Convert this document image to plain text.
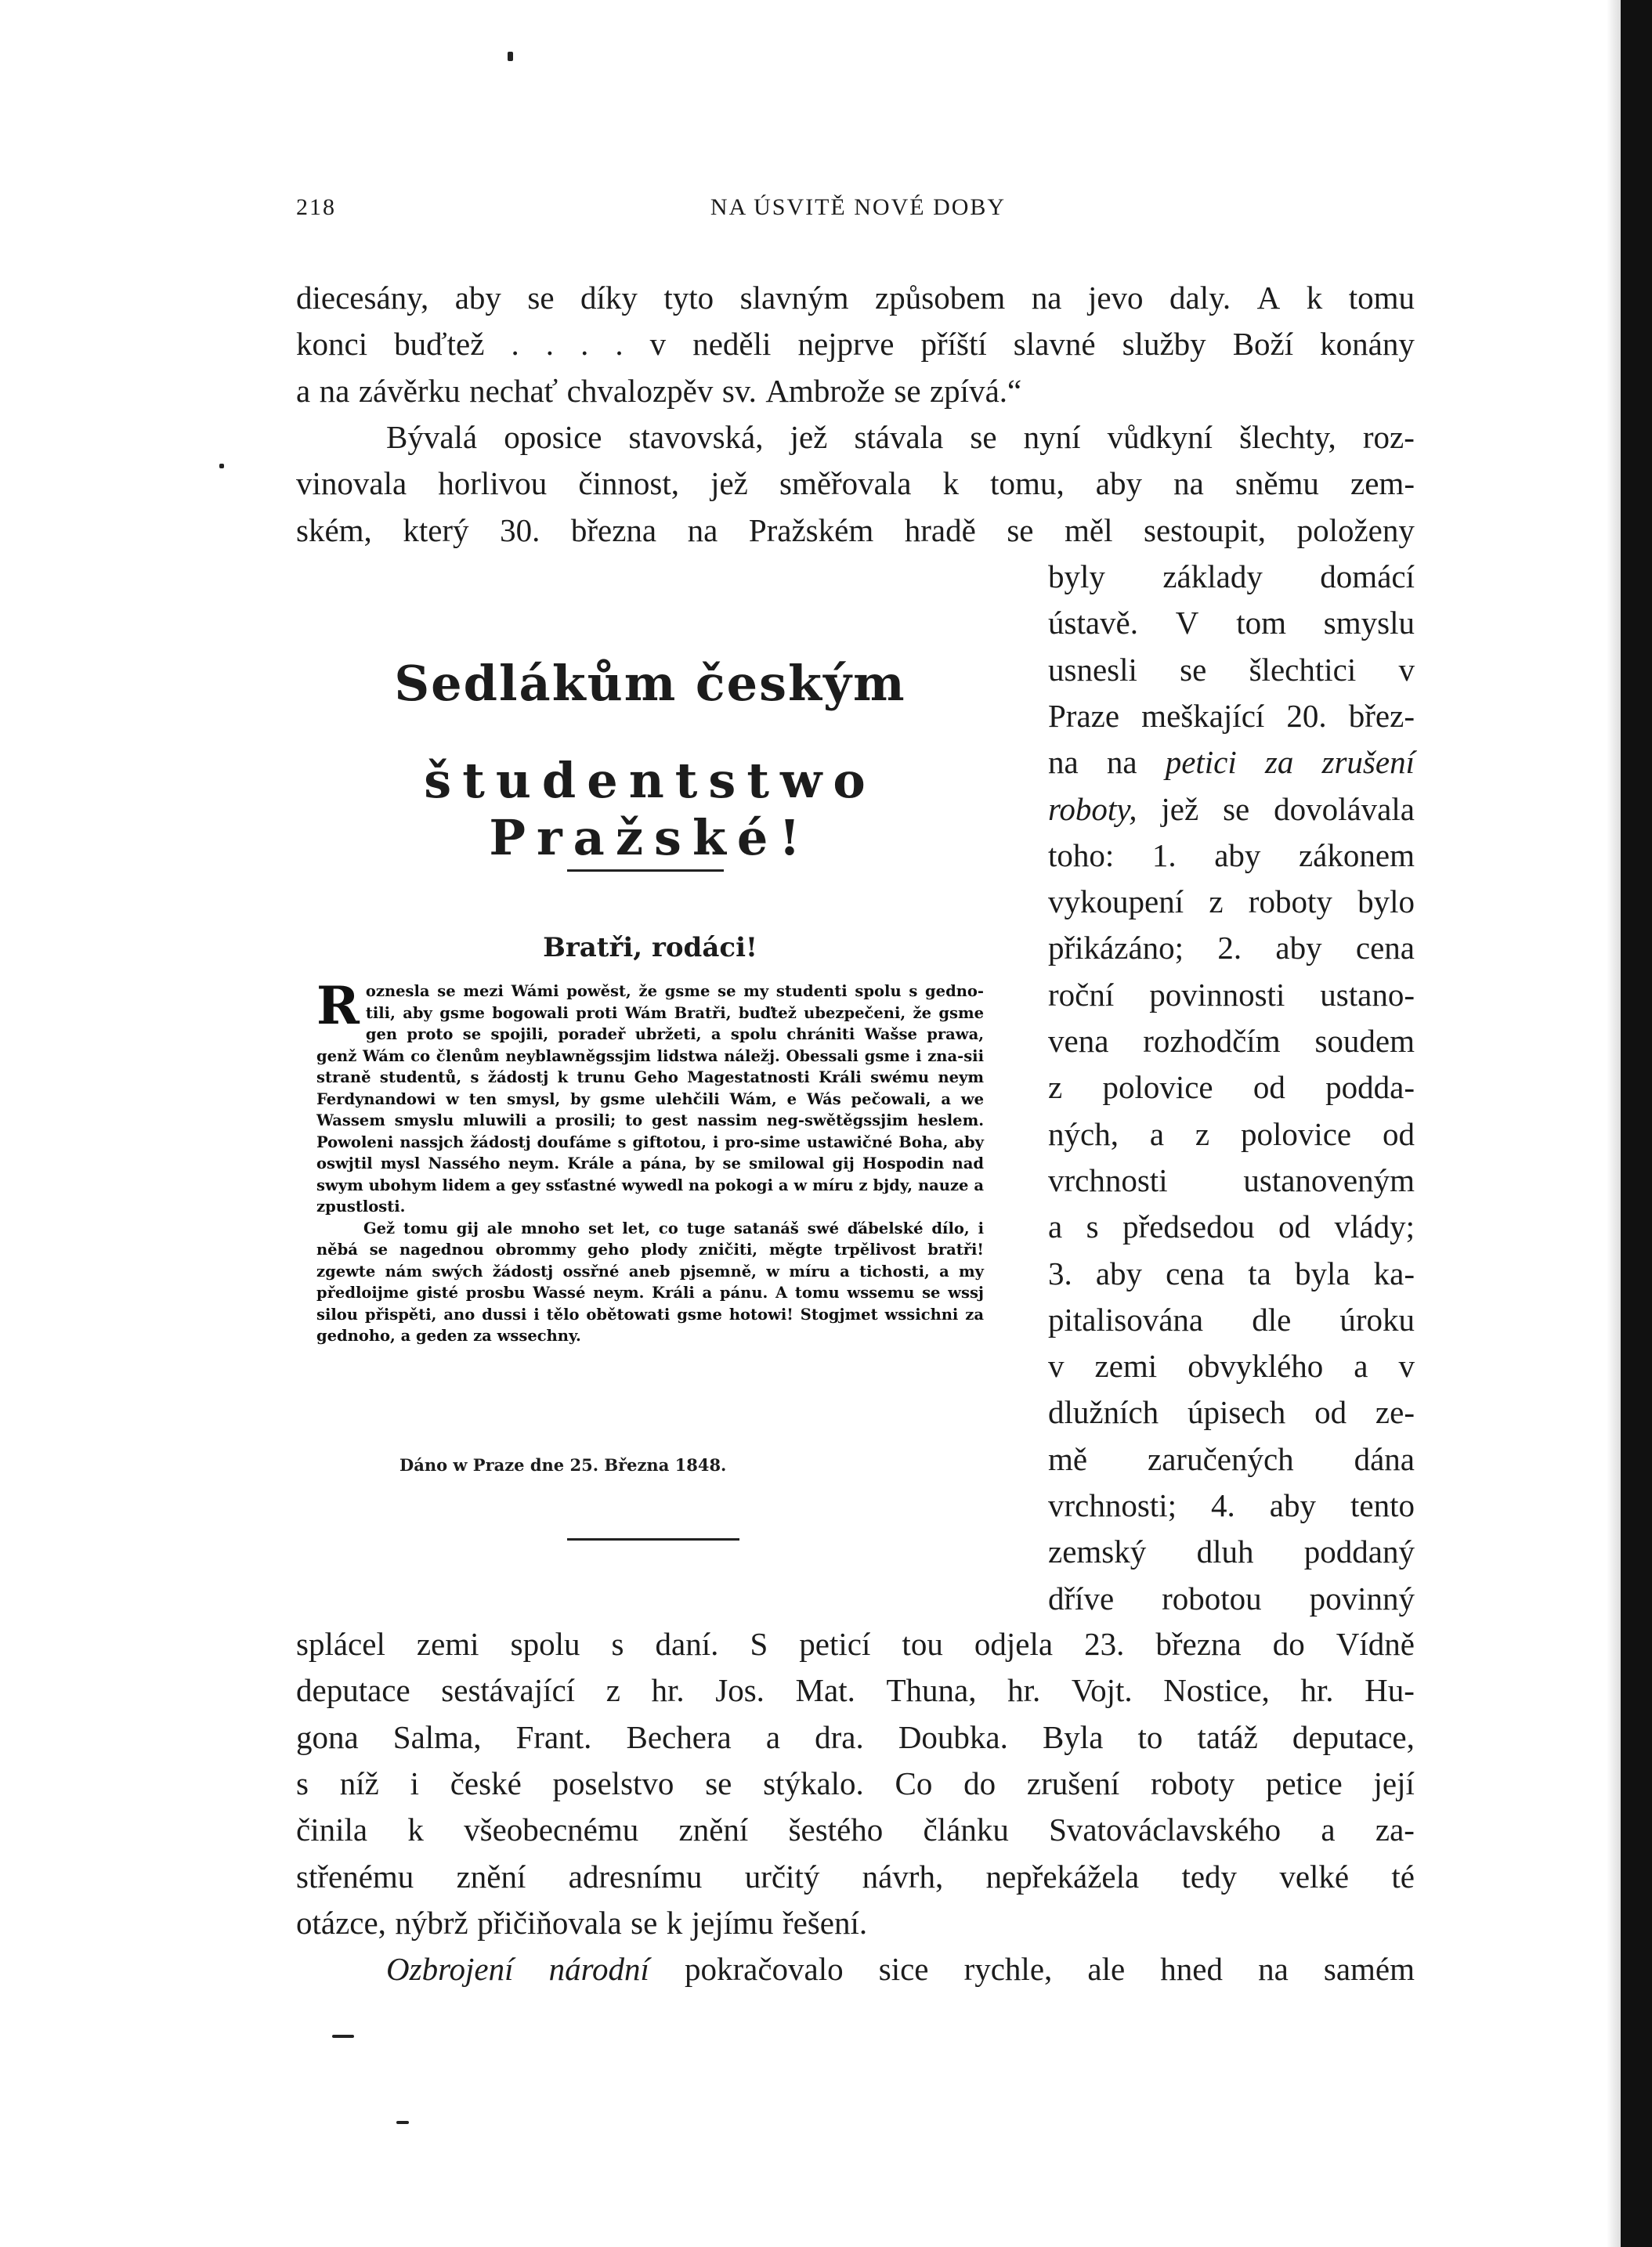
218	NA ÚSVITĚ NOVÉ DOBY
diecesány, aby se díky tyto slavným způsobem na jevo daly. A k tomu
konci buďtež . . . . v neděli nejprve příští slavné služby Boží konány
a na závěrku nechať chvalozpěv sv. Ambrože se zpívá.“
Bývalá oposice stavovská, jež stávala se nyní vůdkyní šlechty, roz-
vinovala horlivou činnost, jež směřovala k tomu, aby na sněmu zem-
ském, který 30. března na Pražském hradě se měl sestoupit, položeny
byly základy domácí
ústavě. V tom smyslu
usnesli se šlechtici v
Praze meškající 20. břez-
na na petici za zrušení
roboty, jež se dovolávala
toho: 1. aby zákonem
vykoupení z roboty bylo
přikázáno; 2. aby cena
roční povinnosti ustano-
vena rozhodčím soudem
z polovice od podda-
ných, a z polovice od
vrchnosti ustanoveným
a s předsedou od vlády;
3. aby cena ta byla ka-
pitalisována dle úroku
v zemi obvyklého a v
dlužních úpisech od ze-
mě zaručených dána
vrchnosti; 4. aby tento
zemský dluh poddaný
dříve robotou povinný
splácel zemi spolu s daní. S peticí tou odjela 23. března do Vídně
deputace sestávající z hr. Jos. Mat. Thuna, hr. Vojt. Nostice, hr. Hu-
gona Salma, Frant. Bechera a dra. Doubka. Byla to tatáž deputace,
s níž i české poselstvo se stýkalo. Co do zrušení roboty petice její
činila k všeobecnému znění šestého článku Svatováclavského a za-
střenému znění adresnímu určitý návrh, nepřekážela tedy velké té
otázce, nýbrž přičiňovala se k jejímu řešení.
Ozbrojení národní pokračovalo sice rychle, ale hned na samém
Sedlákům českým
študentstwo Pražské!
Bratři, rodáci!
R oznesla se mezi Wámi powěst, že gsme se my studenti spolu s gedno-tili, aby gsme bogowali proti Wám Bratři, buďtež ubezpečeni, že gsme gen proto se spojili, poradeř ubržeti, a spolu chrániti Wašse prawa, genž Wám co členům neyblawněgssjim lidstwa náležj. Obessali gsme i zna-sii straně studentů, s žádostj k trunu Geho Magestatnosti Králi swému neym Ferdynandowi w ten smysl, by gsme ulehčili Wám, e Wás pečowali, a we Wassem smyslu mluwili a prosili; to gest nassim neg-swětěgssjim heslem. Powoleni nassjch žádostj doufáme s giftotou, i pro-sime ustawičné Boha, aby oswjtil mysl Nassého neym. Krále a pána, by se smilowal gij Hospodin nad swym ubohym lidem a gey ssťastné wywedl na pokogi a w míru z bjdy, nauze a zpustlosti.

Gež tomu gij ale mnoho set let, co tuge satanáš swé ďábelské dílo, i něbá se nagednou obrommy geho plody zničiti, měgte trpělivost bratři! zgewte nám swých žádostj ossřné aneb pjsemně, w míru a tichosti, a my předloijme gisté prosbu Wassé neym. Králi a pánu. A tomu wssemu se wssj silou přispěti, ano dussi i tělo obětowati gsme hotowi! Stogjmet wssichni za gednoho, a geden za wssechny.

Dáno w Praze dne 25. Března 1848.
